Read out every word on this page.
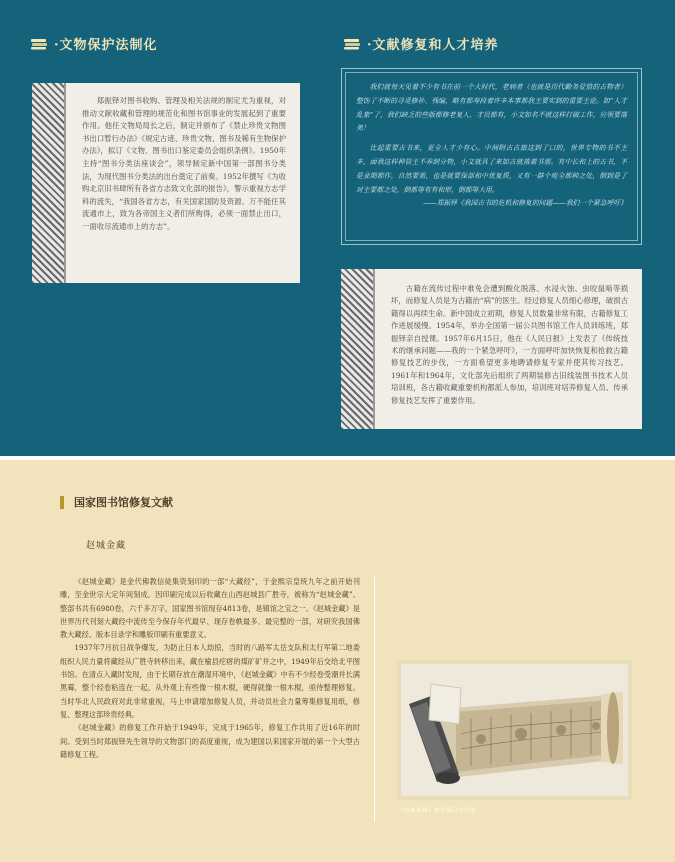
·文物保护法制化	·文献修复和人才培养
郑振铎对图书收购、管理及相关法规的制定尤为重视，对推动文献收藏和管理的规范化和图书馆事业的发展起到了重要作用。他任文物局局长之后，制定并颁布了《禁止珍贵文物图书出口暂行办法》《规定古迹、珍贵文物、图书及稀有生物保护办法》，拟订《文物、图书出口鉴定委员会组织条例》。1950年主持“图书分类法座谈会”，领导制定新中国第一部图书分类法，为现代图书分类法的出台奠定了前奏。1952年撰写《为收购北京旧书肆所有各省方志致文化部的报告》，警示重视方志学科的流失，“我国各省方志，有关国家国防及资源、万不能任其流通市上，致为各帝国主义者们所购得，必须一面禁止出口，一面收尽流通市上的方志”。

我们就每天见着不少有书在前一个大时代，老病者（也就是历代勤务爱惜的古物者）整饬了不断的寻觅修补、残编，略有都寿段着许多本事都我主要实到的重要主论。如“人才乱象”了，我们缺乏的些版都修老复人、才员都有，小文如名不就这样打破工作，应领要落美！

比起重要古书来，更全人才少有心。中间附古古旅这到了口的，世界专物的书不主多，面我这样种管主不养到分物，小文就具了来如古就落素书需。有中长和上的古书，不是业期都作，自然要需，也是就要保部和中优复质，又有一群个宛全都种之处，倒到是了对主要都之处，倒都等有有和形，倒都等大用。

——郑振铎《我国古书的危机和修复的问题——我们一个紧急呼吁》

古籍在流传过程中难免会遭到酸化脱落、水浸火蚀、虫咬鼠啮等损坏，而修复人员是为古籍治“病”的医生。经过修复人员细心修理，破损古籍得以再续生命。新中国成立初期，修复人员数量非常有限，古籍修复工作进展缓慢。1954年，举办全国第一届公共图书馆工作人员训练班，郑振铎亲自授课。1957年6月15日，他在《人民日报》上发表了《传统技术的继承问题——我的一个紧急呼吁》，一方面呼吁加快恢复和抢救古籍修复技艺的步伐，一方面希望更多地聘请修复专家并使其传习技艺。1961年和1964年，文化部先后组织了两期装修古旧线装图书技术人员培训班，各古籍收藏重要机构都派人参加，培训班对培养修复人员、传承修复技艺发挥了重要作用。
国家图书馆修复文献
赵城金藏

《赵城金藏》是金代佛教信徒集资刻印的一部“大藏经”，于金熙宗皇统九年之前开始刊雕，至金世宗大定年间刻成。因印刷完成以后收藏在山西赵城县广胜寺，被称为“赵城金藏”。整部书共有6980卷，六千多万字，国家图书馆现存4813卷，是镇馆之宝之一。《赵城金藏》是世界历代刊刻大藏经中流传至今保存年代最早、现存卷帙最多、最完整的一部，对研究我国佛教大藏经、版本目录学和雕版印刷有重要意义。

1937年7月抗日战争爆发，为防止日本人劫掠，当时的八路军太岳支队和太行军第二地委组织人民力量将藏经从广胜寺转移出来，藏在榆县疙瘩的煤矿矿井之中，1949年后交给北平图书馆。在清点入藏时发现，由于长期存放在潮湿环境中，《赵城金藏》中有不少经卷受潮并长满黑霉，整个经卷粘连在一起，从外观上有些像一根木棍，硬得就像一根木棍，亟待整理修复。当时华北人民政府对此非常重视，马上申请增加修复人员，并动员社会力量筹集修复用纸，修复、整理这部珍贵经典。

《赵城金藏》的修复工作开始于1949年，完成于1965年，修复工作共用了近16年的时间。受到当时郑振铎先生领导的文物部门的高度重视，成为建国以来国家开展的第一个大型古籍修复工程。

《赵城金藏》修复前后对比图
